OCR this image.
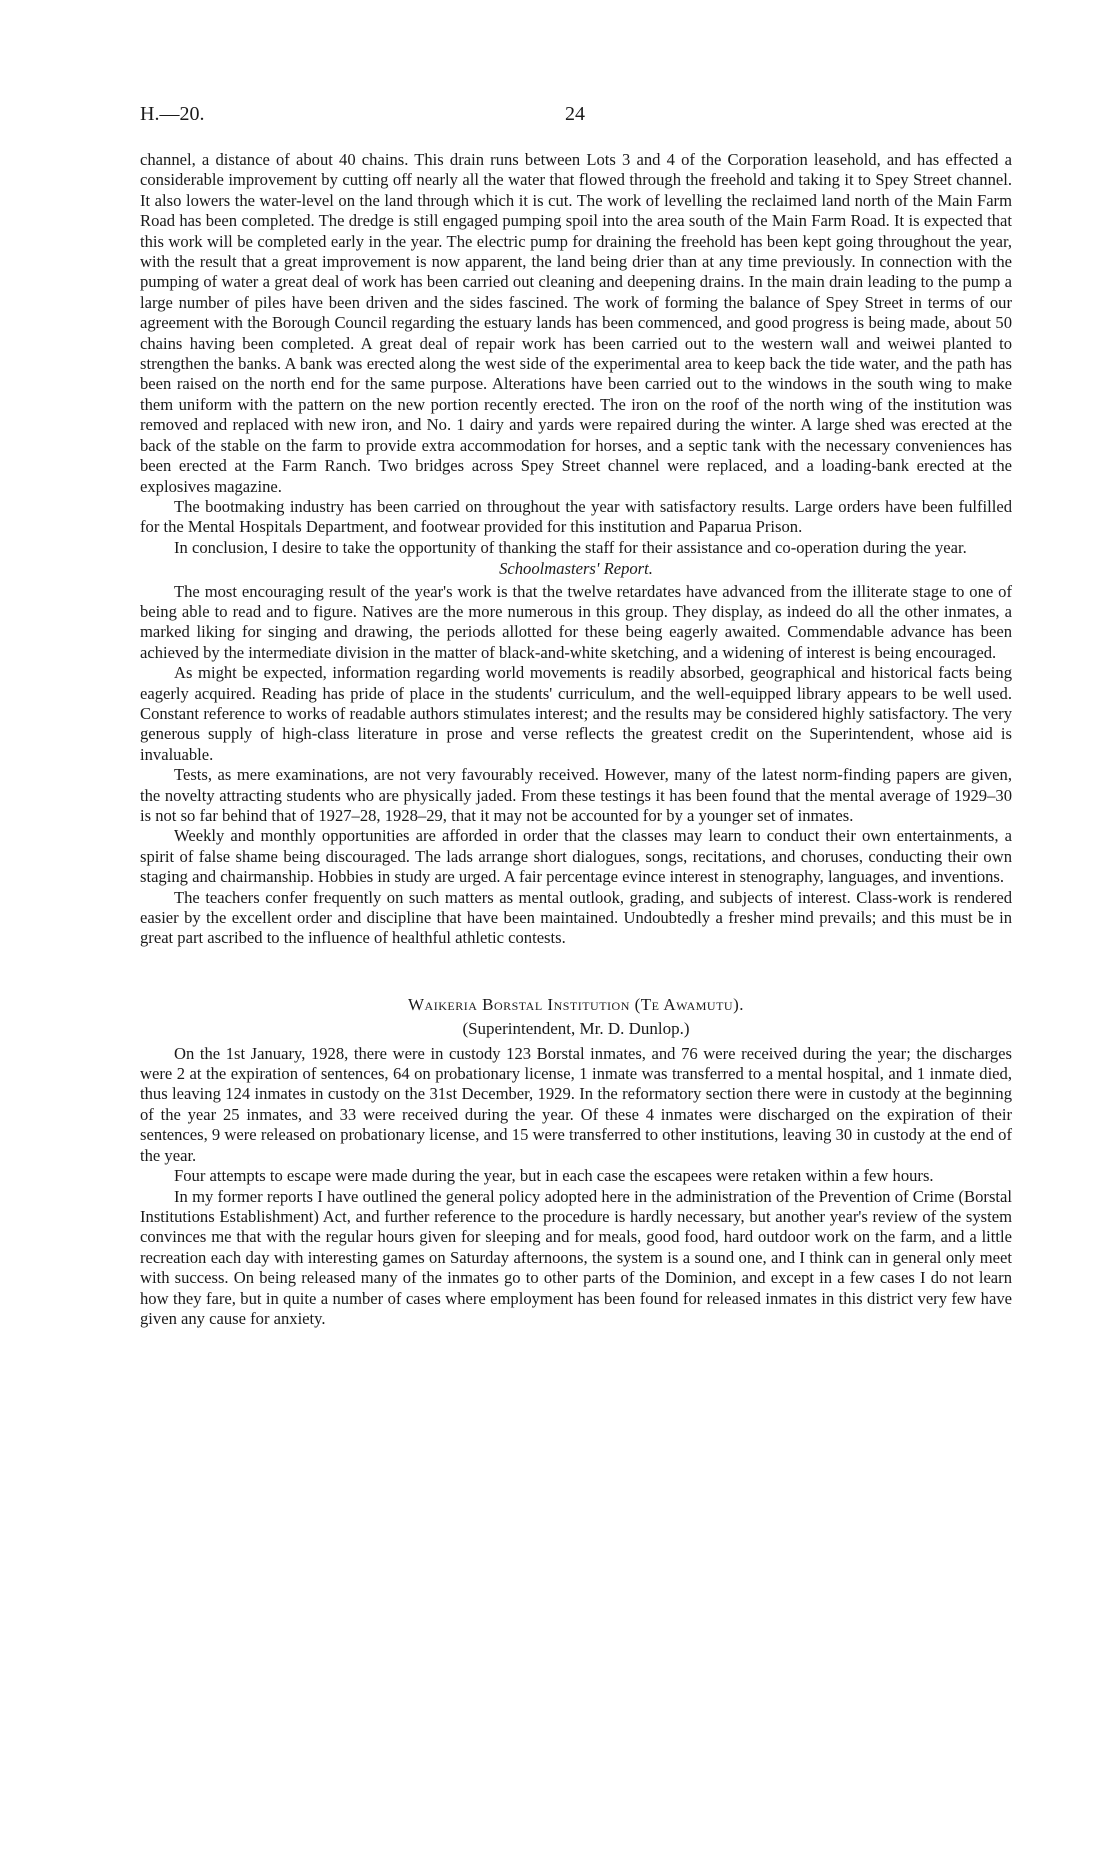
H.—20.	24

channel, a distance of about 40 chains. This drain runs between Lots 3 and 4 of the Corporation leasehold, and has effected a considerable improvement by cutting off nearly all the water that flowed through the freehold and taking it to Spey Street channel. It also lowers the water-level on the land through which it is cut. The work of levelling the reclaimed land north of the Main Farm Road has been completed. The dredge is still engaged pumping spoil into the area south of the Main Farm Road. It is expected that this work will be completed early in the year. The electric pump for draining the freehold has been kept going throughout the year, with the result that a great improvement is now apparent, the land being drier than at any time previously. In connection with the pumping of water a great deal of work has been carried out cleaning and deepening drains. In the main drain leading to the pump a large number of piles have been driven and the sides fascined. The work of forming the balance of Spey Street in terms of our agreement with the Borough Council regarding the estuary lands has been commenced, and good progress is being made, about 50 chains having been completed. A great deal of repair work has been carried out to the western wall and weiwei planted to strengthen the banks. A bank was erected along the west side of the experimental area to keep back the tide water, and the path has been raised on the north end for the same purpose. Alterations have been carried out to the windows in the south wing to make them uniform with the pattern on the new portion recently erected. The iron on the roof of the north wing of the institution was removed and replaced with new iron, and No. 1 dairy and yards were repaired during the winter. A large shed was erected at the back of the stable on the farm to provide extra accommodation for horses, and a septic tank with the necessary conveniences has been erected at the Farm Ranch. Two bridges across Spey Street channel were replaced, and a loading-bank erected at the explosives magazine.

The bootmaking industry has been carried on throughout the year with satisfactory results. Large orders have been fulfilled for the Mental Hospitals Department, and footwear provided for this institution and Paparua Prison.

In conclusion, I desire to take the opportunity of thanking the staff for their assistance and co-operation during the year.

Schoolmasters' Report.

The most encouraging result of the year's work is that the twelve retardates have advanced from the illiterate stage to one of being able to read and to figure. Natives are the more numerous in this group. They display, as indeed do all the other inmates, a marked liking for singing and drawing, the periods allotted for these being eagerly awaited. Commendable advance has been achieved by the intermediate division in the matter of black-and-white sketching, and a widening of interest is being encouraged.

As might be expected, information regarding world movements is readily absorbed, geographical and historical facts being eagerly acquired. Reading has pride of place in the students' curriculum, and the well-equipped library appears to be well used. Constant reference to works of readable authors stimulates interest; and the results may be considered highly satisfactory. The very generous supply of high-class literature in prose and verse reflects the greatest credit on the Superintendent, whose aid is invaluable.

Tests, as mere examinations, are not very favourably received. However, many of the latest norm-finding papers are given, the novelty attracting students who are physically jaded. From these testings it has been found that the mental average of 1929–30 is not so far behind that of 1927–28, 1928–29, that it may not be accounted for by a younger set of inmates.

Weekly and monthly opportunities are afforded in order that the classes may learn to conduct their own entertainments, a spirit of false shame being discouraged. The lads arrange short dialogues, songs, recitations, and choruses, conducting their own staging and chairmanship. Hobbies in study are urged. A fair percentage evince interest in stenography, languages, and inventions.

The teachers confer frequently on such matters as mental outlook, grading, and subjects of interest. Class-work is rendered easier by the excellent order and discipline that have been maintained. Undoubtedly a fresher mind prevails; and this must be in great part ascribed to the influence of healthful athletic contests.

Waikeria Borstal Institution (Te Awamutu).

(Superintendent, Mr. D. Dunlop.)

On the 1st January, 1928, there were in custody 123 Borstal inmates, and 76 were received during the year; the discharges were 2 at the expiration of sentences, 64 on probationary license, 1 inmate was transferred to a mental hospital, and 1 inmate died, thus leaving 124 inmates in custody on the 31st December, 1929. In the reformatory section there were in custody at the beginning of the year 25 inmates, and 33 were received during the year. Of these 4 inmates were discharged on the expiration of their sentences, 9 were released on probationary license, and 15 were transferred to other institutions, leaving 30 in custody at the end of the year.

Four attempts to escape were made during the year, but in each case the escapees were retaken within a few hours.

In my former reports I have outlined the general policy adopted here in the administration of the Prevention of Crime (Borstal Institutions Establishment) Act, and further reference to the procedure is hardly necessary, but another year's review of the system convinces me that with the regular hours given for sleeping and for meals, good food, hard outdoor work on the farm, and a little recreation each day with interesting games on Saturday afternoons, the system is a sound one, and I think can in general only meet with success. On being released many of the inmates go to other parts of the Dominion, and except in a few cases I do not learn how they fare, but in quite a number of cases where employment has been found for released inmates in this district very few have given any cause for anxiety.
